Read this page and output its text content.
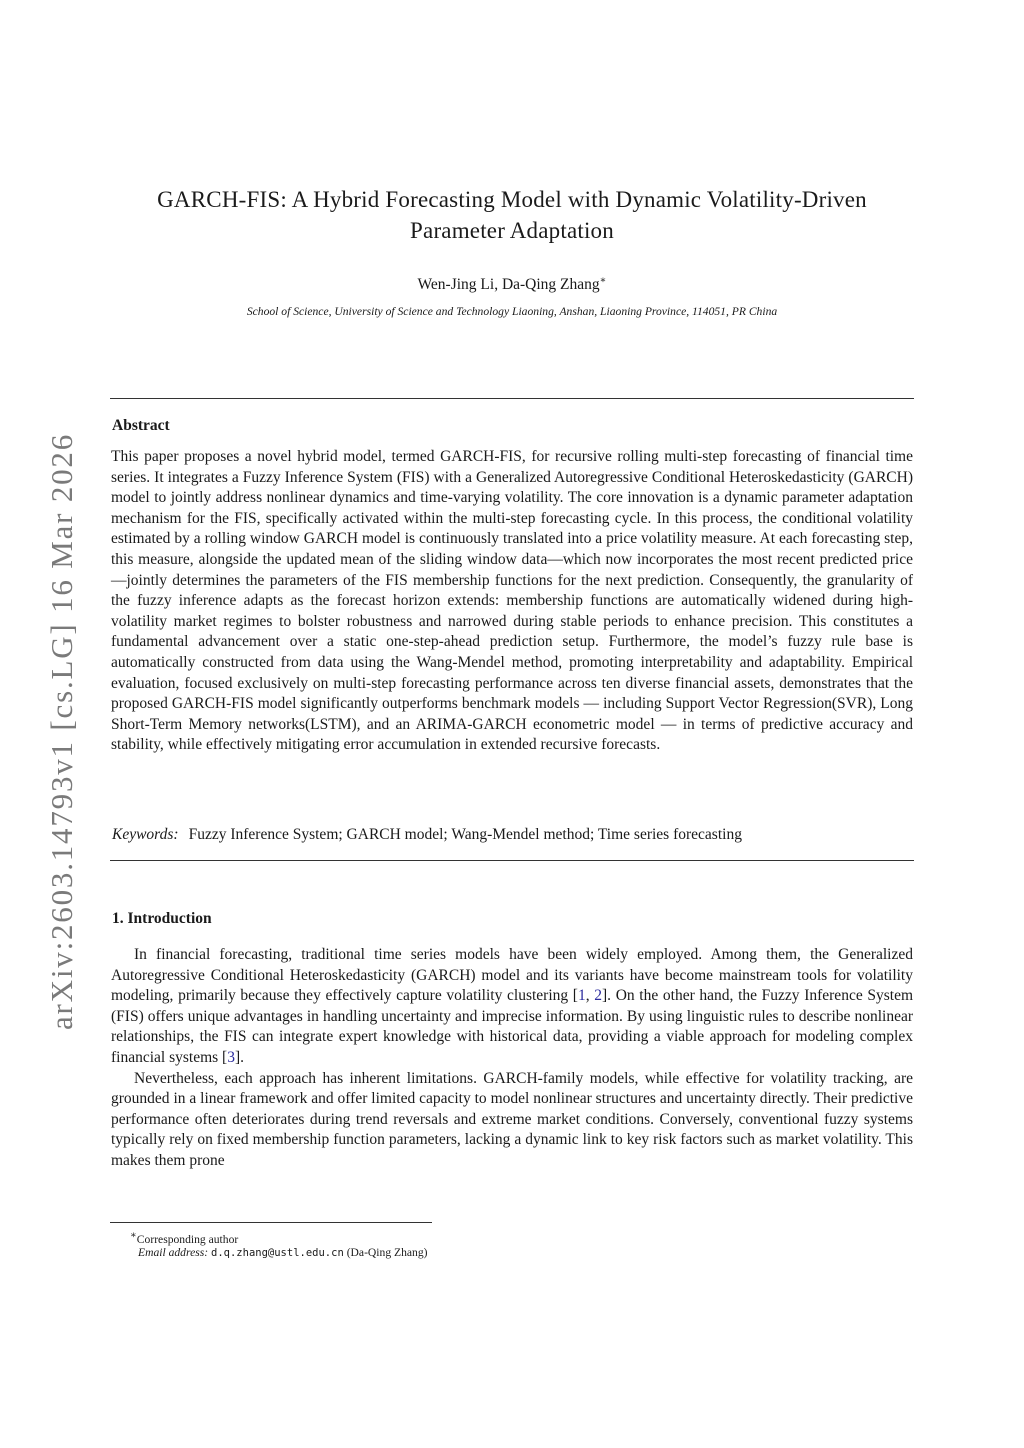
arXiv:2603.14793v1 [cs.LG] 16 Mar 2026
GARCH-FIS: A Hybrid Forecasting Model with Dynamic Volatility-Driven Parameter Adaptation
Wen-Jing Li, Da-Qing Zhang∗
School of Science, University of Science and Technology Liaoning, Anshan, Liaoning Province, 114051, PR China
Abstract

This paper proposes a novel hybrid model, termed GARCH-FIS, for recursive rolling multi-step forecasting of financial time series. It integrates a Fuzzy Inference System (FIS) with a Generalized Autoregressive Conditional Heteroskedasticity (GARCH) model to jointly address nonlinear dynamics and time-varying volatility. The core innovation is a dynamic parameter adaptation mechanism for the FIS, specifically activated within the multi-step forecasting cycle. In this process, the conditional volatility estimated by a rolling window GARCH model is continuously translated into a price volatility measure. At each forecasting step, this measure, alongside the updated mean of the sliding window data—which now incorporates the most recent predicted price—jointly determines the parameters of the FIS membership functions for the next prediction. Consequently, the granularity of the fuzzy inference adapts as the forecast horizon extends: membership functions are automatically widened during high-volatility market regimes to bolster robustness and narrowed during stable periods to enhance precision. This constitutes a fundamental advancement over a static one-step-ahead prediction setup. Furthermore, the model’s fuzzy rule base is automatically constructed from data using the Wang-Mendel method, promoting interpretability and adaptability. Empirical evaluation, focused exclusively on multi-step forecasting performance across ten diverse financial assets, demonstrates that the proposed GARCH-FIS model significantly outperforms benchmark models — including Support Vector Regression(SVR), Long Short-Term Memory networks(LSTM), and an ARIMA-GARCH econometric model — in terms of predictive accuracy and stability, while effectively mitigating error accumulation in extended recursive forecasts.

Keywords: Fuzzy Inference System; GARCH model; Wang-Mendel method; Time series forecasting
1. Introduction

In financial forecasting, traditional time series models have been widely employed. Among them, the Generalized Autoregressive Conditional Heteroskedasticity (GARCH) model and its variants have become mainstream tools for volatility modeling, primarily because they effectively capture volatility clustering [1, 2]. On the other hand, the Fuzzy Inference System (FIS) offers unique advantages in handling uncertainty and imprecise information. By using linguistic rules to describe nonlinear relationships, the FIS can integrate expert knowledge with historical data, providing a viable approach for modeling complex financial systems [3].

Nevertheless, each approach has inherent limitations. GARCH-family models, while effective for volatility tracking, are grounded in a linear framework and offer limited capacity to model nonlinear structures and uncertainty directly. Their predictive performance often deteriorates during trend reversals and extreme market conditions. Conversely, conventional fuzzy systems typically rely on fixed membership function parameters, lacking a dynamic link to key risk factors such as market volatility. This makes them prone

∗Corresponding author
Email address: d.q.zhang@ustl.edu.cn (Da-Qing Zhang)
